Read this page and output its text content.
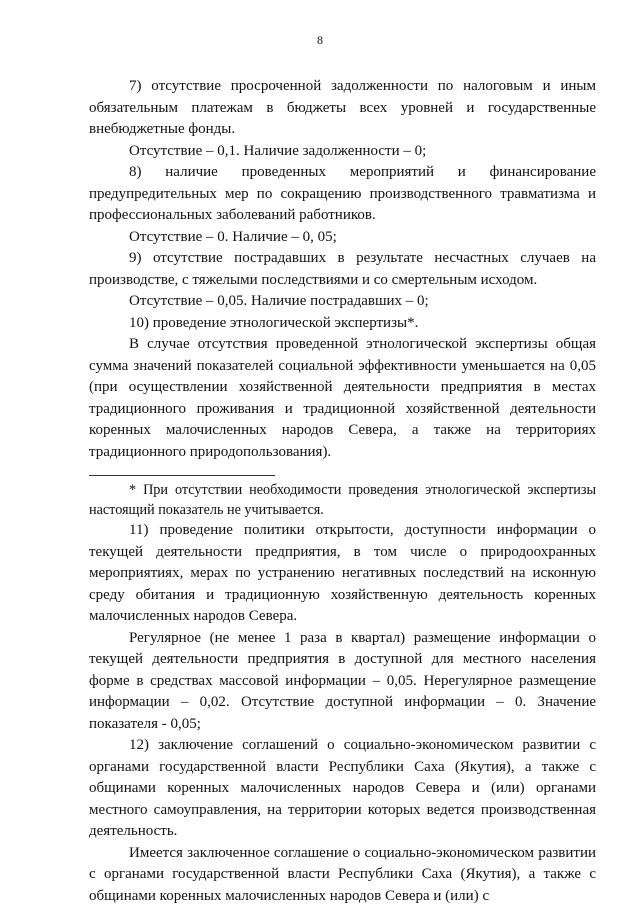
8

7) отсутствие просроченной задолженности по налоговым и иным обязательным платежам в бюджеты всех уровней и государственные внебюджетные фонды.

Отсутствие – 0,1. Наличие задолженности – 0;

8) наличие проведенных мероприятий и финансирование предупредительных мер по сокращению производственного травматизма и профессиональных заболеваний работников.

Отсутствие – 0. Наличие – 0, 05;

9) отсутствие пострадавших в результате несчастных случаев на производстве, с тяжелыми последствиями и со смертельным исходом.

Отсутствие – 0,05. Наличие пострадавших – 0;

10) проведение этнологической экспертизы*.

В случае отсутствия проведенной этнологической экспертизы общая сумма значений показателей социальной эффективности уменьшается на 0,05 (при осуществлении хозяйственной деятельности предприятия в местах традиционного проживания и традиционной хозяйственной деятельности коренных малочисленных народов Севера, а также на территориях традиционного природопользования).

* При отсутствии необходимости проведения этнологической экспертизы настоящий показатель не учитывается.

11) проведение политики открытости, доступности информации о текущей деятельности предприятия, в том числе о природоохранных мероприятиях, мерах по устранению негативных последствий на исконную среду обитания и традиционную хозяйственную деятельность коренных малочисленных народов Севера.

Регулярное (не менее 1 раза в квартал) размещение информации о текущей деятельности предприятия в доступной для местного населения форме в средствах массовой информации – 0,05. Нерегулярное размещение информации – 0,02. Отсутствие доступной информации – 0. Значение показателя - 0,05;

12) заключение соглашений о социально-экономическом развитии с органами государственной власти Республики Саха (Якутия), а также с общинами коренных малочисленных народов Севера и (или) органами местного самоуправления, на территории которых ведется производственная деятельность.

Имеется заключенное соглашение о социально-экономическом развитии с органами государственной власти Республики Саха (Якутия), а также с общинами коренных малочисленных народов Севера и (или) с
